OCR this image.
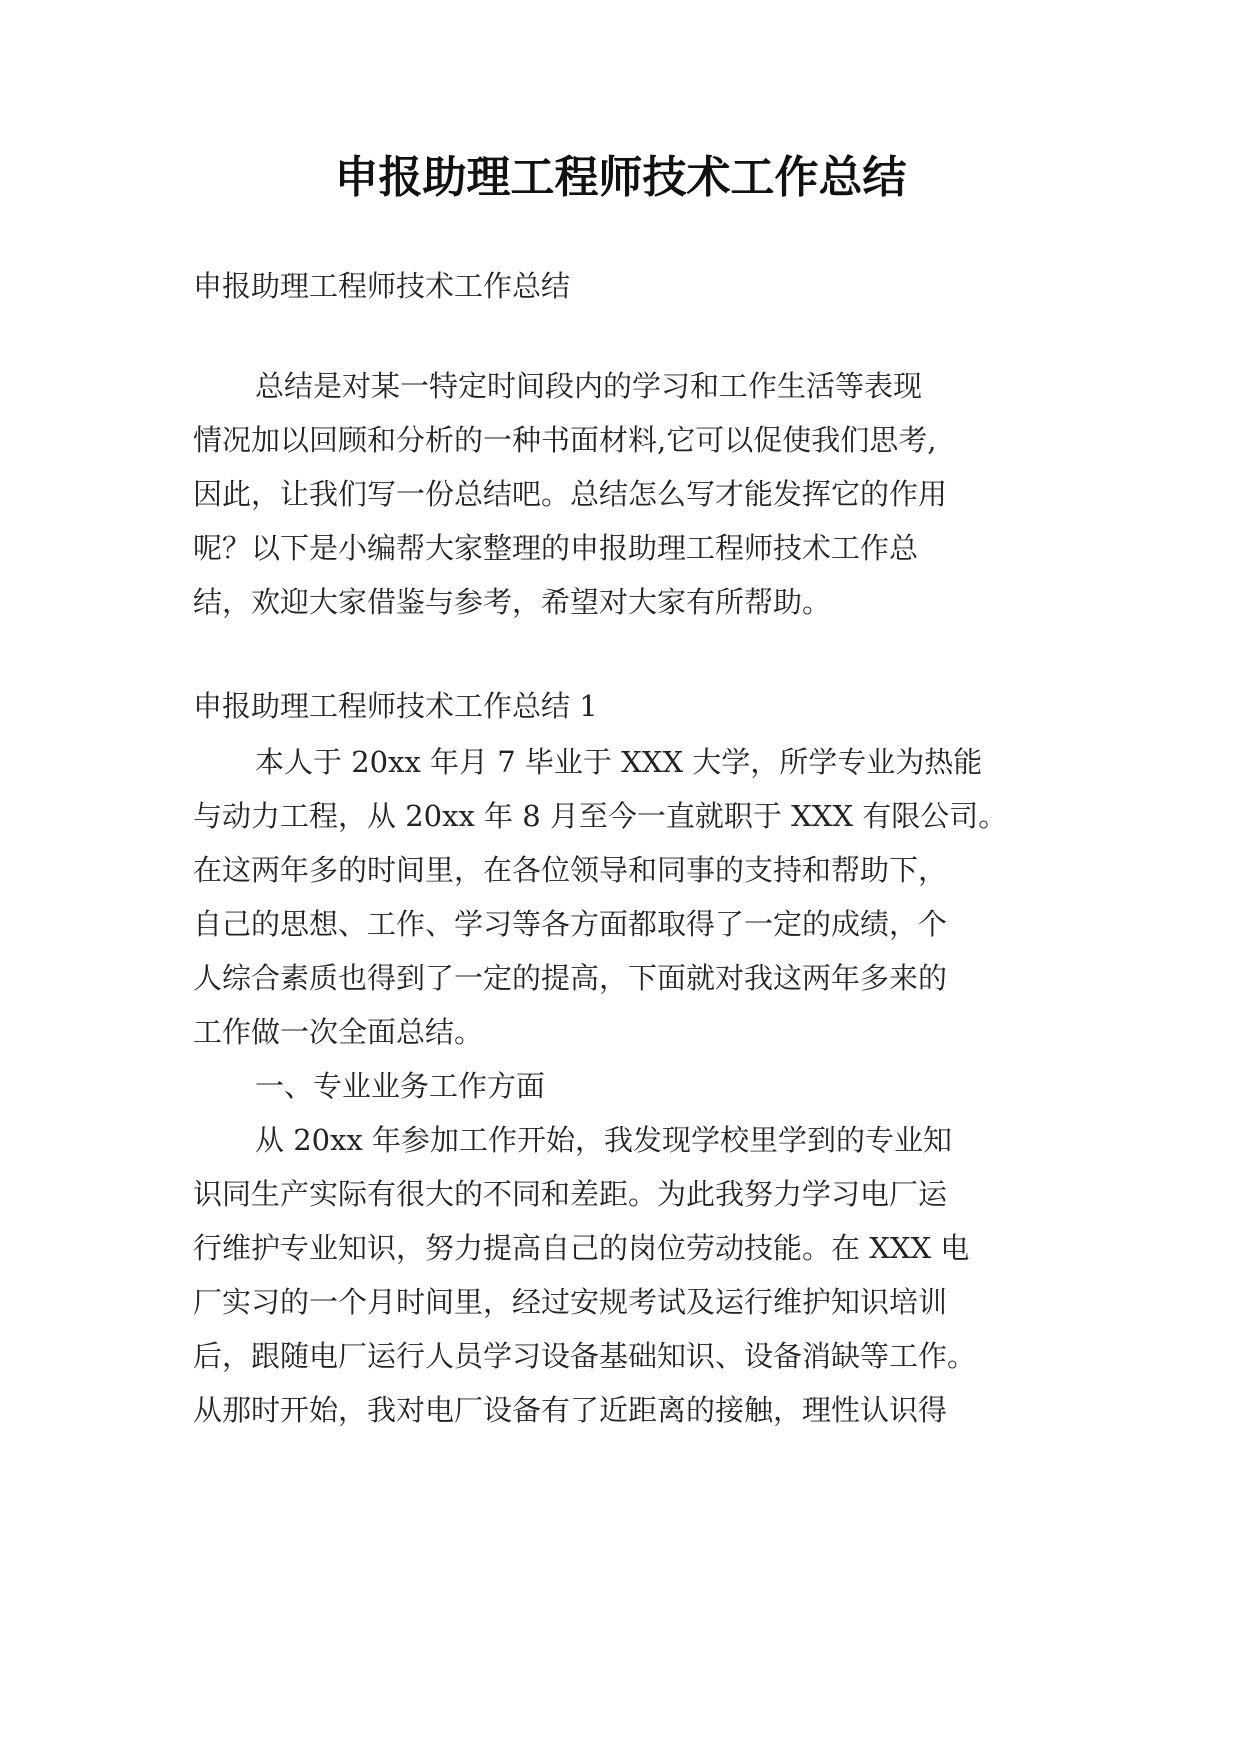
申报助理工程师技术工作总结

申报助理工程师技术工作总结

总结是对某一特定时间段内的学习和工作生活等表现

情况加以回顾和分析的一种书面材料,它可以促使我们思考,

因此，让我们写一份总结吧。总结怎么写才能发挥它的作用

呢？以下是小编帮大家整理的申报助理工程师技术工作总

结，欢迎大家借鉴与参考，希望对大家有所帮助。

申报助理工程师技术工作总结 1

本人于 20xx 年月 7 毕业于 XXX 大学，所学专业为热能

与动力工程，从 20xx 年 8 月至今一直就职于 XXX 有限公司。

在这两年多的时间里，在各位领导和同事的支持和帮助下，

自己的思想、工作、学习等各方面都取得了一定的成绩，个

人综合素质也得到了一定的提高，下面就对我这两年多来的

工作做一次全面总结。

一、专业业务工作方面

从 20xx 年参加工作开始，我发现学校里学到的专业知

识同生产实际有很大的不同和差距。为此我努力学习电厂运

行维护专业知识，努力提高自己的岗位劳动技能。在 XXX 电

厂实习的一个月时间里，经过安规考试及运行维护知识培训

后，跟随电厂运行人员学习设备基础知识、设备消缺等工作。

从那时开始，我对电厂设备有了近距离的接触，理性认识得
